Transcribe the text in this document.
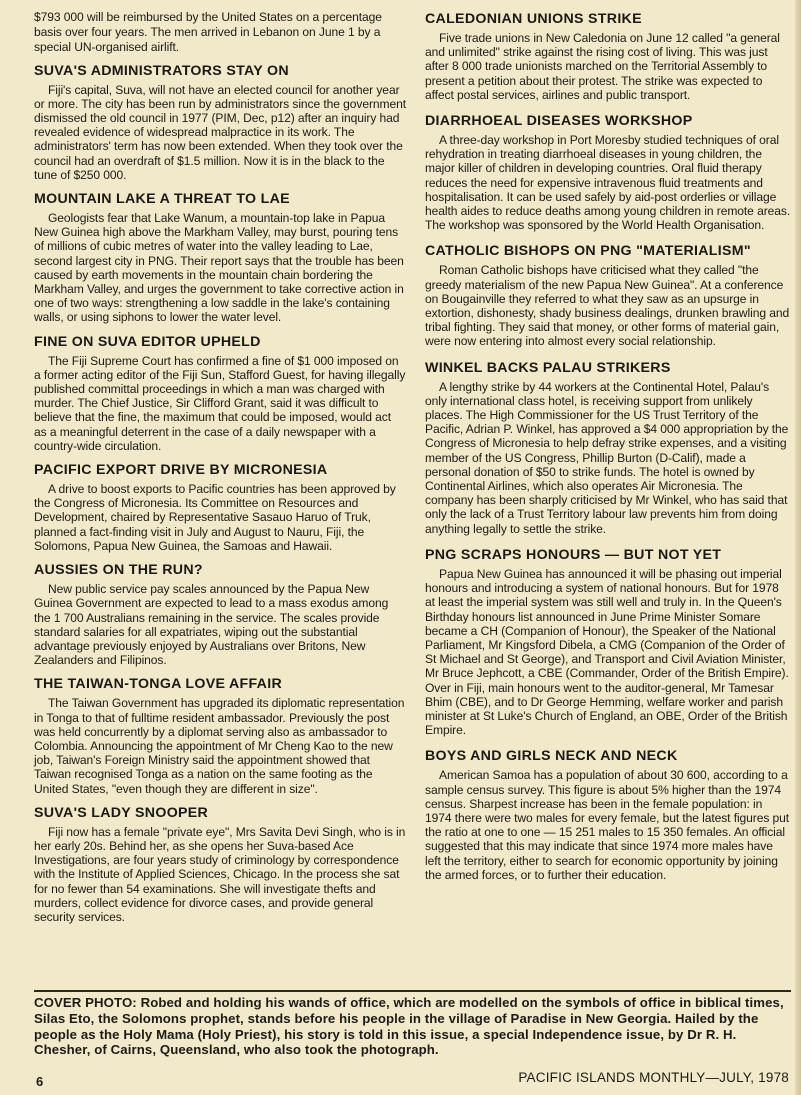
$793 000 will be reimbursed by the United States on a percentage basis over four years. The men arrived in Lebanon on June 1 by a special UN-organised airlift.

SUVA'S ADMINISTRATORS STAY ON

Fiji's capital, Suva, will not have an elected council for another year or more. The city has been run by administrators since the government dismissed the old council in 1977 (PIM, Dec, p12) after an inquiry had revealed evidence of widespread malpractice in its work. The administrators' term has now been extended. When they took over the council had an overdraft of $1.5 million. Now it is in the black to the tune of $250 000.

MOUNTAIN LAKE A THREAT TO LAE

Geologists fear that Lake Wanum, a mountain-top lake in Papua New Guinea high above the Markham Valley, may burst, pouring tens of millions of cubic metres of water into the valley leading to Lae, second largest city in PNG. Their report says that the trouble has been caused by earth movements in the mountain chain bordering the Markham Valley, and urges the government to take corrective action in one of two ways: strengthening a low saddle in the lake's containing walls, or using siphons to lower the water level.

FINE ON SUVA EDITOR UPHELD

The Fiji Supreme Court has confirmed a fine of $1 000 imposed on a former acting editor of the Fiji Sun, Stafford Guest, for having illegally published committal proceedings in which a man was charged with murder. The Chief Justice, Sir Clifford Grant, said it was difficult to believe that the fine, the maximum that could be imposed, would act as a meaningful deterrent in the case of a daily newspaper with a country-wide circulation.

PACIFIC EXPORT DRIVE BY MICRONESIA

A drive to boost exports to Pacific countries has been approved by the Congress of Micronesia. Its Committee on Resources and Development, chaired by Representative Sasauo Haruo of Truk, planned a fact-finding visit in July and August to Nauru, Fiji, the Solomons, Papua New Guinea, the Samoas and Hawaii.

AUSSIES ON THE RUN?

New public service pay scales announced by the Papua New Guinea Government are expected to lead to a mass exodus among the 1 700 Australians remaining in the service. The scales provide standard salaries for all expatriates, wiping out the substantial advantage previously enjoyed by Australians over Britons, New Zealanders and Filipinos.

THE TAIWAN-TONGA LOVE AFFAIR

The Taiwan Government has upgraded its diplomatic representation in Tonga to that of fulltime resident ambassador. Previously the post was held concurrently by a diplomat serving also as ambassador to Colombia. Announcing the appointment of Mr Cheng Kao to the new job, Taiwan's Foreign Ministry said the appointment showed that Taiwan recognised Tonga as a nation on the same footing as the United States, "even though they are different in size".

SUVA'S LADY SNOOPER

Fiji now has a female "private eye", Mrs Savita Devi Singh, who is in her early 20s. Behind her, as she opens her Suva-based Ace Investigations, are four years study of criminology by correspondence with the Institute of Applied Sciences, Chicago. In the process she sat for no fewer than 54 examinations. She will investigate thefts and murders, collect evidence for divorce cases, and provide general security services.

CALEDONIAN UNIONS STRIKE

Five trade unions in New Caledonia on June 12 called "a general and unlimited" strike against the rising cost of living. This was just after 8 000 trade unionists marched on the Territorial Assembly to present a petition about their protest. The strike was expected to affect postal services, airlines and public transport.

DIARRHOEAL DISEASES WORKSHOP

A three-day workshop in Port Moresby studied techniques of oral rehydration in treating diarrhoeal diseases in young children, the major killer of children in developing countries. Oral fluid therapy reduces the need for expensive intravenous fluid treatments and hospitalisation. It can be used safely by aid-post orderlies or village health aides to reduce deaths among young children in remote areas. The workshop was sponsored by the World Health Organisation.

CATHOLIC BISHOPS ON PNG "MATERIALISM"

Roman Catholic bishops have criticised what they called "the greedy materialism of the new Papua New Guinea". At a conference on Bougainville they referred to what they saw as an upsurge in extortion, dishonesty, shady business dealings, drunken brawling and tribal fighting. They said that money, or other forms of material gain, were now entering into almost every social relationship.

WINKEL BACKS PALAU STRIKERS

A lengthy strike by 44 workers at the Continental Hotel, Palau's only international class hotel, is receiving support from unlikely places. The High Commissioner for the US Trust Territory of the Pacific, Adrian P. Winkel, has approved a $4 000 appropriation by the Congress of Micronesia to help defray strike expenses, and a visiting member of the US Congress, Phillip Burton (D-Calif), made a personal donation of $50 to strike funds. The hotel is owned by Continental Airlines, which also operates Air Micronesia. The company has been sharply criticised by Mr Winkel, who has said that only the lack of a Trust Territory labour law prevents him from doing anything legally to settle the strike.

PNG SCRAPS HONOURS — BUT NOT YET

Papua New Guinea has announced it will be phasing out imperial honours and introducing a system of national honours. But for 1978 at least the imperial system was still well and truly in. In the Queen's Birthday honours list announced in June Prime Minister Somare became a CH (Companion of Honour), the Speaker of the National Parliament, Mr Kingsford Dibela, a CMG (Companion of the Order of St Michael and St George), and Transport and Civil Aviation Minister, Mr Bruce Jephcott, a CBE (Commander, Order of the British Empire). Over in Fiji, main honours went to the auditor-general, Mr Tamesar Bhim (CBE), and to Dr George Hemming, welfare worker and parish minister at St Luke's Church of England, an OBE, Order of the British Empire.

BOYS AND GIRLS NECK AND NECK

American Samoa has a population of about 30 600, according to a sample census survey. This figure is about 5% higher than the 1974 census. Sharpest increase has been in the female population: in 1974 there were two males for every female, but the latest figures put the ratio at one to one — 15 251 males to 15 350 females. An official suggested that this may indicate that since 1974 more males have left the territory, either to search for economic opportunity by joining the armed forces, or to further their education.

COVER PHOTO: Robed and holding his wands of office, which are modelled on the symbols of office in biblical times, Silas Eto, the Solomons prophet, stands before his people in the village of Paradise in New Georgia. Hailed by the people as the Holy Mama (Holy Priest), his story is told in this issue, a special Independence issue, by Dr R. H. Chesher, of Cairns, Queensland, who also took the photograph.
6	PACIFIC ISLANDS MONTHLY—JULY, 1978
